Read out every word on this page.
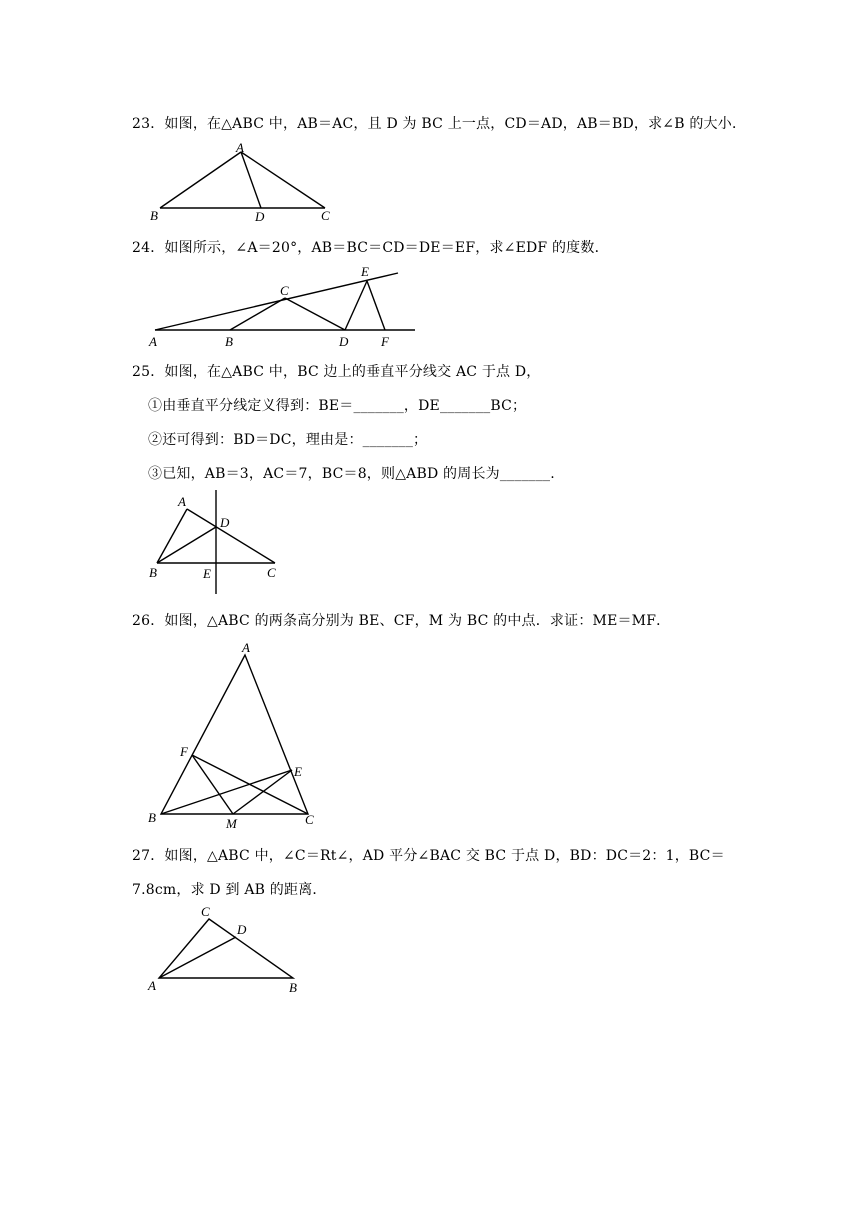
23．如图，在△ABC 中，AB＝AC，且 D 为 BC 上一点，CD＝AD，AB＝BD，求∠B 的大小．
A
B	D	C
24．如图所示，∠A＝20°，AB＝BC＝CD＝DE＝EF，求∠EDF 的度数．
A	B
C
D
E
F
25．如图，在△ABC 中，BC 边上的垂直平分线交 AC 于点 D，
①由垂直平分线定义得到：BE＝_______，DE_______BC；
②还可得到：BD＝DC，理由是：_______；
③已知，AB＝3，AC＝7，BC＝8，则△ABD 的周长为_______.
A
D
B	E	C
26．如图，△ABC 的两条高分别为 BE、CF，M 为 BC 的中点．求证：ME＝MF．
A
F
E
B	M	C
27．如图，△ABC 中，∠C＝Rt∠，AD 平分∠BAC 交 BC 于点 D，BD：DC＝2：1，BC＝
7.8cm，求 D 到 AB 的距离．
C
D
A	B
